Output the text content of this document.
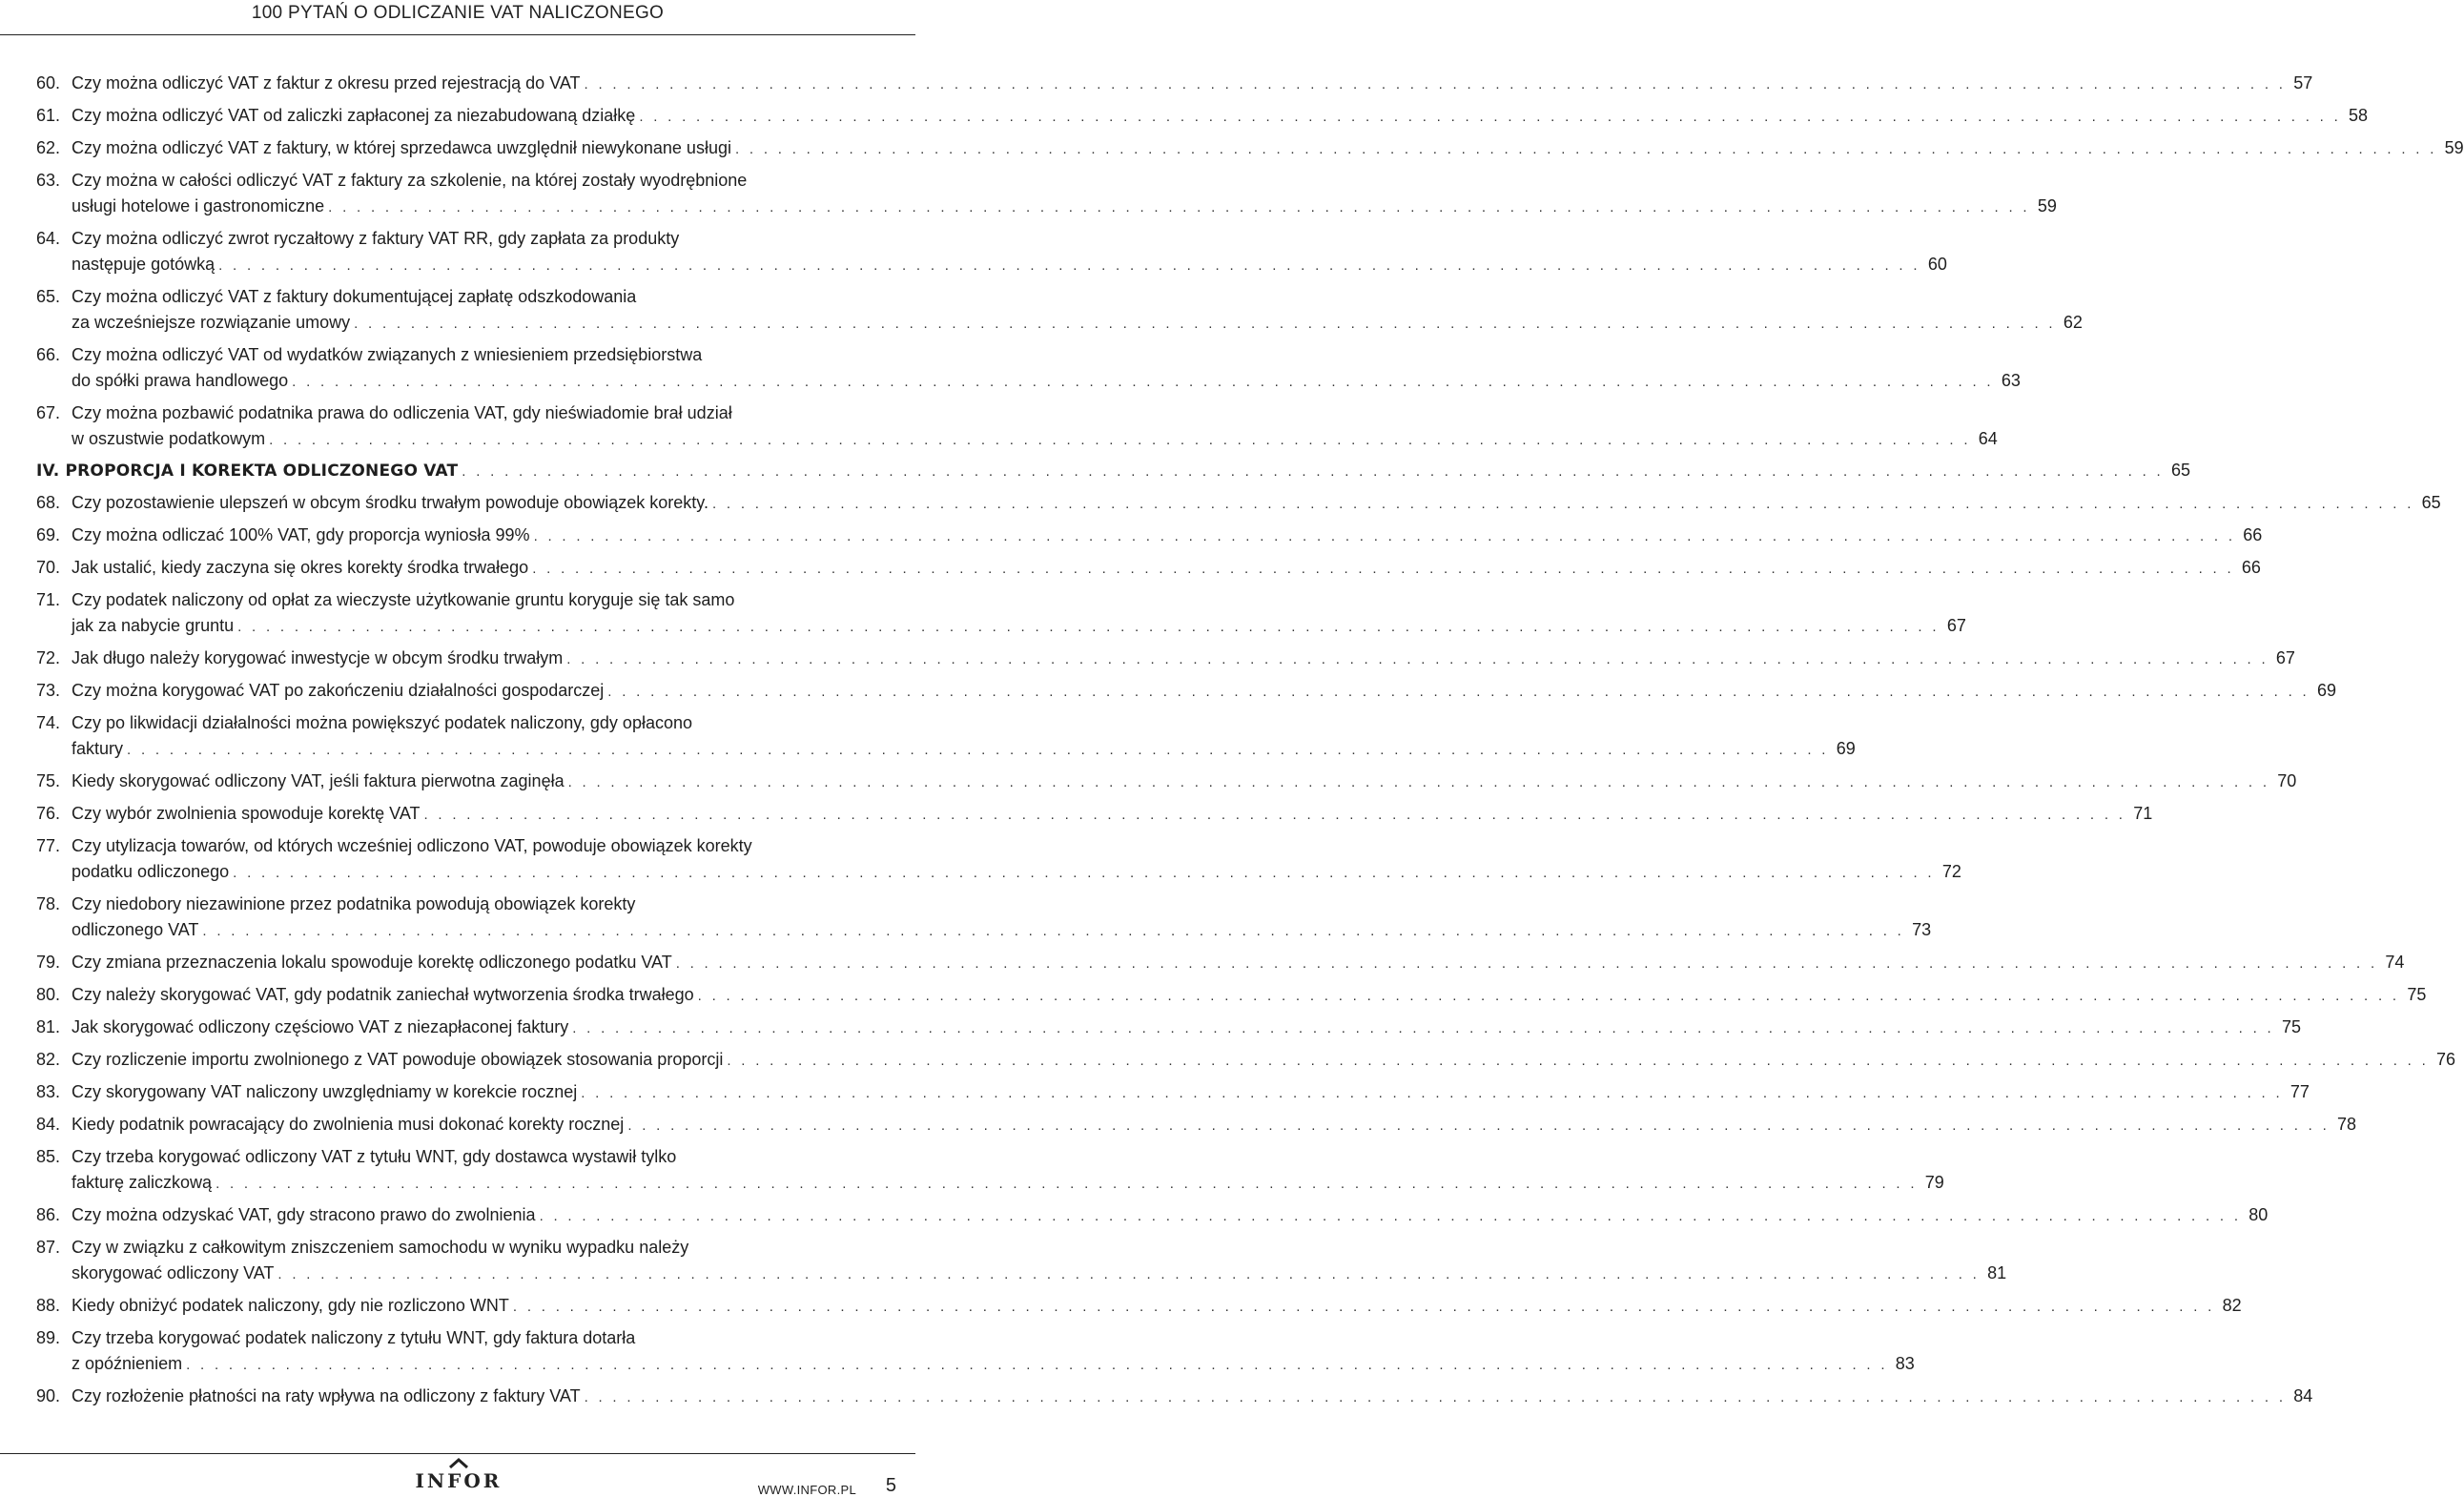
100 PYTAŃ O ODLICZANIE VAT NALICZONEGO
60. Czy można odliczyć VAT z faktur z okresu przed rejestracją do VAT . . . . . . . . . . . . . . . . . . . . . . . . . . . . . . . . . . . . . . . . . . . . . . . . . . . . . . . . . . . . . . . . . . . . . . . . . . . . . . . . . . . . . . . . . . . . . . . . . . . . . . . . . . . . . . . . . . . . . . . . 57
61. Czy można odliczyć VAT od zaliczki zapłaconej za niezabudowaną działkę . . . . . . . . . . . . . . . . . . . . . . . . . . . . . . . . . . . . . . . . . . . . . . . . . . . . . . . . . . . . . . . . . . . . . . . . . . . . . . . . . . . . . . . . . . . . . . . . . . . . . . . . . . . . . . . . . . . . . . . . 58
62. Czy można odliczyć VAT z faktury, w której sprzedawca uwzględnił niewykonane usługi . . . . . . . . . . . . . . . . . . . . . . . . . . . . . . . . . . . . . . . . . . . . . . . . . . . . . . . . . . . . . . . . . . . . . . . . . . . . . . . . . . . . . . . . . . . . . . . . . . . . . . . . . . . . . . . . . . . . . . . . 59
63. Czy można w całości odliczyć VAT z faktury za szkolenie, na której zostały wyodrębnione
usługi hotelowe i gastronomiczne . . . . . . . . . . . . . . . . . . . . . . . . . . . . . . . . . . . . . . . . . . . . . . . . . . . . . . . . . . . . . . . . . . . . . . . . . . . . . . . . . . . . . . . . . . . . . . . . . . . . . . . . . . . . . . . . . . . . . . . . 59
64. Czy można odliczyć zwrot ryczałtowy z faktury VAT RR, gdy zapłata za produkty
następuje gotówką . . . . . . . . . . . . . . . . . . . . . . . . . . . . . . . . . . . . . . . . . . . . . . . . . . . . . . . . . . . . . . . . . . . . . . . . . . . . . . . . . . . . . . . . . . . . . . . . . . . . . . . . . . . . . . . . . . . . . . . . 60
65. Czy można odliczyć VAT z faktury dokumentującej zapłatę odszkodowania
za wcześniejsze rozwiązanie umowy . . . . . . . . . . . . . . . . . . . . . . . . . . . . . . . . . . . . . . . . . . . . . . . . . . . . . . . . . . . . . . . . . . . . . . . . . . . . . . . . . . . . . . . . . . . . . . . . . . . . . . . . . . . . . . . . . . . . . . . . 62
66. Czy można odliczyć VAT od wydatków związanych z wniesieniem przedsiębiorstwa
do spółki prawa handlowego . . . . . . . . . . . . . . . . . . . . . . . . . . . . . . . . . . . . . . . . . . . . . . . . . . . . . . . . . . . . . . . . . . . . . . . . . . . . . . . . . . . . . . . . . . . . . . . . . . . . . . . . . . . . . . . . . . . . . . . . 63
67. Czy można pozbawić podatnika prawa do odliczenia VAT, gdy nieświadomie brał udział
w oszustwie podatkowym . . . . . . . . . . . . . . . . . . . . . . . . . . . . . . . . . . . . . . . . . . . . . . . . . . . . . . . . . . . . . . . . . . . . . . . . . . . . . . . . . . . . . . . . . . . . . . . . . . . . . . . . . . . . . . . . . . . . . . . . 64
IV. PROPORCJA I KOREKTA ODLICZONEGO VAT . . . . . . . . . . . . . . . . . . . . . . . . . . . . . . . . . . . . . . . . . . . . . . . . . . . . . . . . . . . . . . . . . . . . . . . . . . . . . . . . . . . . . . . . . . . . . . . . . . . . . . . . . . . . . . . . . . . . . . . . 65
68. Czy pozostawienie ulepszeń w obcym środku trwałym powoduje obowiązek korekty. . . . . . . . . . . . . . . . . . . . . . . . . . . . . . . . . . . . . . . . . . . . . . . . . . . . . . . . . . . . . . . . . . . . . . . . . . . . . . . . . . . . . . . . . . . . . . . . . . . . . . . . . . . . . . . . . . . . . . . . . 65
69. Czy można odliczać 100% VAT, gdy proporcja wyniosła 99% . . . . . . . . . . . . . . . . . . . . . . . . . . . . . . . . . . . . . . . . . . . . . . . . . . . . . . . . . . . . . . . . . . . . . . . . . . . . . . . . . . . . . . . . . . . . . . . . . . . . . . . . . . . . . . . . . . . . . . . . 66
70. Jak ustalić, kiedy zaczyna się okres korekty środka trwałego . . . . . . . . . . . . . . . . . . . . . . . . . . . . . . . . . . . . . . . . . . . . . . . . . . . . . . . . . . . . . . . . . . . . . . . . . . . . . . . . . . . . . . . . . . . . . . . . . . . . . . . . . . . . . . . . . . . . . . . . 66
71. Czy podatek naliczony od opłat za wieczyste użytkowanie gruntu koryguje się tak samo
jak za nabycie gruntu . . . . . . . . . . . . . . . . . . . . . . . . . . . . . . . . . . . . . . . . . . . . . . . . . . . . . . . . . . . . . . . . . . . . . . . . . . . . . . . . . . . . . . . . . . . . . . . . . . . . . . . . . . . . . . . . . . . . . . . . 67
72. Jak długo należy korygować inwestycje w obcym środku trwałym . . . . . . . . . . . . . . . . . . . . . . . . . . . . . . . . . . . . . . . . . . . . . . . . . . . . . . . . . . . . . . . . . . . . . . . . . . . . . . . . . . . . . . . . . . . . . . . . . . . . . . . . . . . . . . . . . . . . . . . . 67
73. Czy można korygować VAT po zakończeniu działalności gospodarczej . . . . . . . . . . . . . . . . . . . . . . . . . . . . . . . . . . . . . . . . . . . . . . . . . . . . . . . . . . . . . . . . . . . . . . . . . . . . . . . . . . . . . . . . . . . . . . . . . . . . . . . . . . . . . . . . . . . . . . . . 69
74. Czy po likwidacji działalności można powiększyć podatek naliczony, gdy opłacono
faktury . . . . . . . . . . . . . . . . . . . . . . . . . . . . . . . . . . . . . . . . . . . . . . . . . . . . . . . . . . . . . . . . . . . . . . . . . . . . . . . . . . . . . . . . . . . . . . . . . . . . . . . . . . . . . . . . . . . . . . . . 69
75. Kiedy skorygować odliczony VAT, jeśli faktura pierwotna zaginęła . . . . . . . . . . . . . . . . . . . . . . . . . . . . . . . . . . . . . . . . . . . . . . . . . . . . . . . . . . . . . . . . . . . . . . . . . . . . . . . . . . . . . . . . . . . . . . . . . . . . . . . . . . . . . . . . . . . . . . . . 70
76. Czy wybór zwolnienia spowoduje korektę VAT . . . . . . . . . . . . . . . . . . . . . . . . . . . . . . . . . . . . . . . . . . . . . . . . . . . . . . . . . . . . . . . . . . . . . . . . . . . . . . . . . . . . . . . . . . . . . . . . . . . . . . . . . . . . . . . . . . . . . . . . 71
77. Czy utylizacja towarów, od których wcześniej odliczono VAT, powoduje obowiązek korekty
podatku odliczonego . . . . . . . . . . . . . . . . . . . . . . . . . . . . . . . . . . . . . . . . . . . . . . . . . . . . . . . . . . . . . . . . . . . . . . . . . . . . . . . . . . . . . . . . . . . . . . . . . . . . . . . . . . . . . . . . . . . . . . . . 72
78. Czy niedobory niezawinione przez podatnika powodują obowiązek korekty
odliczonego VAT . . . . . . . . . . . . . . . . . . . . . . . . . . . . . . . . . . . . . . . . . . . . . . . . . . . . . . . . . . . . . . . . . . . . . . . . . . . . . . . . . . . . . . . . . . . . . . . . . . . . . . . . . . . . . . . . . . . . . . . . 73
79. Czy zmiana przeznaczenia lokalu spowoduje korektę odliczonego podatku VAT . . . . . . . . . . . . . . . . . . . . . . . . . . . . . . . . . . . . . . . . . . . . . . . . . . . . . . . . . . . . . . . . . . . . . . . . . . . . . . . . . . . . . . . . . . . . . . . . . . . . . . . . . . . . . . . . . . . . . . . . 74
80. Czy należy skorygować VAT, gdy podatnik zaniechał wytworzenia środka trwałego . . . . . . . . . . . . . . . . . . . . . . . . . . . . . . . . . . . . . . . . . . . . . . . . . . . . . . . . . . . . . . . . . . . . . . . . . . . . . . . . . . . . . . . . . . . . . . . . . . . . . . . . . . . . . . . . . . . . . . . . 75
81. Jak skorygować odliczony częściowo VAT z niezapłaconej faktury . . . . . . . . . . . . . . . . . . . . . . . . . . . . . . . . . . . . . . . . . . . . . . . . . . . . . . . . . . . . . . . . . . . . . . . . . . . . . . . . . . . . . . . . . . . . . . . . . . . . . . . . . . . . . . . . . . . . . . . . 75
82. Czy rozliczenie importu zwolnionego z VAT powoduje obowiązek stosowania proporcji . . . . . . . . . . . . . . . . . . . . . . . . . . . . . . . . . . . . . . . . . . . . . . . . . . . . . . . . . . . . . . . . . . . . . . . . . . . . . . . . . . . . . . . . . . . . . . . . . . . . . . . . . . . . . . . . . . . . . . . . 76
83. Czy skorygowany VAT naliczony uwzględniamy w korekcie rocznej . . . . . . . . . . . . . . . . . . . . . . . . . . . . . . . . . . . . . . . . . . . . . . . . . . . . . . . . . . . . . . . . . . . . . . . . . . . . . . . . . . . . . . . . . . . . . . . . . . . . . . . . . . . . . . . . . . . . . . . . 77
84. Kiedy podatnik powracający do zwolnienia musi dokonać korekty rocznej . . . . . . . . . . . . . . . . . . . . . . . . . . . . . . . . . . . . . . . . . . . . . . . . . . . . . . . . . . . . . . . . . . . . . . . . . . . . . . . . . . . . . . . . . . . . . . . . . . . . . . . . . . . . . . . . . . . . . . . . 78
85. Czy trzeba korygować odliczony VAT z tytułu WNT, gdy dostawca wystawił tylko
fakturę zaliczkową . . . . . . . . . . . . . . . . . . . . . . . . . . . . . . . . . . . . . . . . . . . . . . . . . . . . . . . . . . . . . . . . . . . . . . . . . . . . . . . . . . . . . . . . . . . . . . . . . . . . . . . . . . . . . . . . . . . . . . . . 79
86. Czy można odzyskać VAT, gdy stracono prawo do zwolnienia . . . . . . . . . . . . . . . . . . . . . . . . . . . . . . . . . . . . . . . . . . . . . . . . . . . . . . . . . . . . . . . . . . . . . . . . . . . . . . . . . . . . . . . . . . . . . . . . . . . . . . . . . . . . . . . . . . . . . . . . 80
87. Czy w związku z całkowitym zniszczeniem samochodu w wyniku wypadku należy
skorygować odliczony VAT . . . . . . . . . . . . . . . . . . . . . . . . . . . . . . . . . . . . . . . . . . . . . . . . . . . . . . . . . . . . . . . . . . . . . . . . . . . . . . . . . . . . . . . . . . . . . . . . . . . . . . . . . . . . . . . . . . . . . . . . 81
88. Kiedy obniżyć podatek naliczony, gdy nie rozliczono WNT . . . . . . . . . . . . . . . . . . . . . . . . . . . . . . . . . . . . . . . . . . . . . . . . . . . . . . . . . . . . . . . . . . . . . . . . . . . . . . . . . . . . . . . . . . . . . . . . . . . . . . . . . . . . . . . . . . . . . . . . 82
89. Czy trzeba korygować podatek naliczony z tytułu WNT, gdy faktura dotarła
z opóźnieniem . . . . . . . . . . . . . . . . . . . . . . . . . . . . . . . . . . . . . . . . . . . . . . . . . . . . . . . . . . . . . . . . . . . . . . . . . . . . . . . . . . . . . . . . . . . . . . . . . . . . . . . . . . . . . . . . . . . . . . . . 83
90. Czy rozłożenie płatności na raty wpływa na odliczony z faktury VAT . . . . . . . . . . . . . . . . . . . . . . . . . . . . . . . . . . . . . . . . . . . . . . . . . . . . . . . . . . . . . . . . . . . . . . . . . . . . . . . . . . . . . . . . . . . . . . . . . . . . . . . . . . . . . . . . . . . . . . . . 84
INFOR	WWW.INFOR.PL 5
